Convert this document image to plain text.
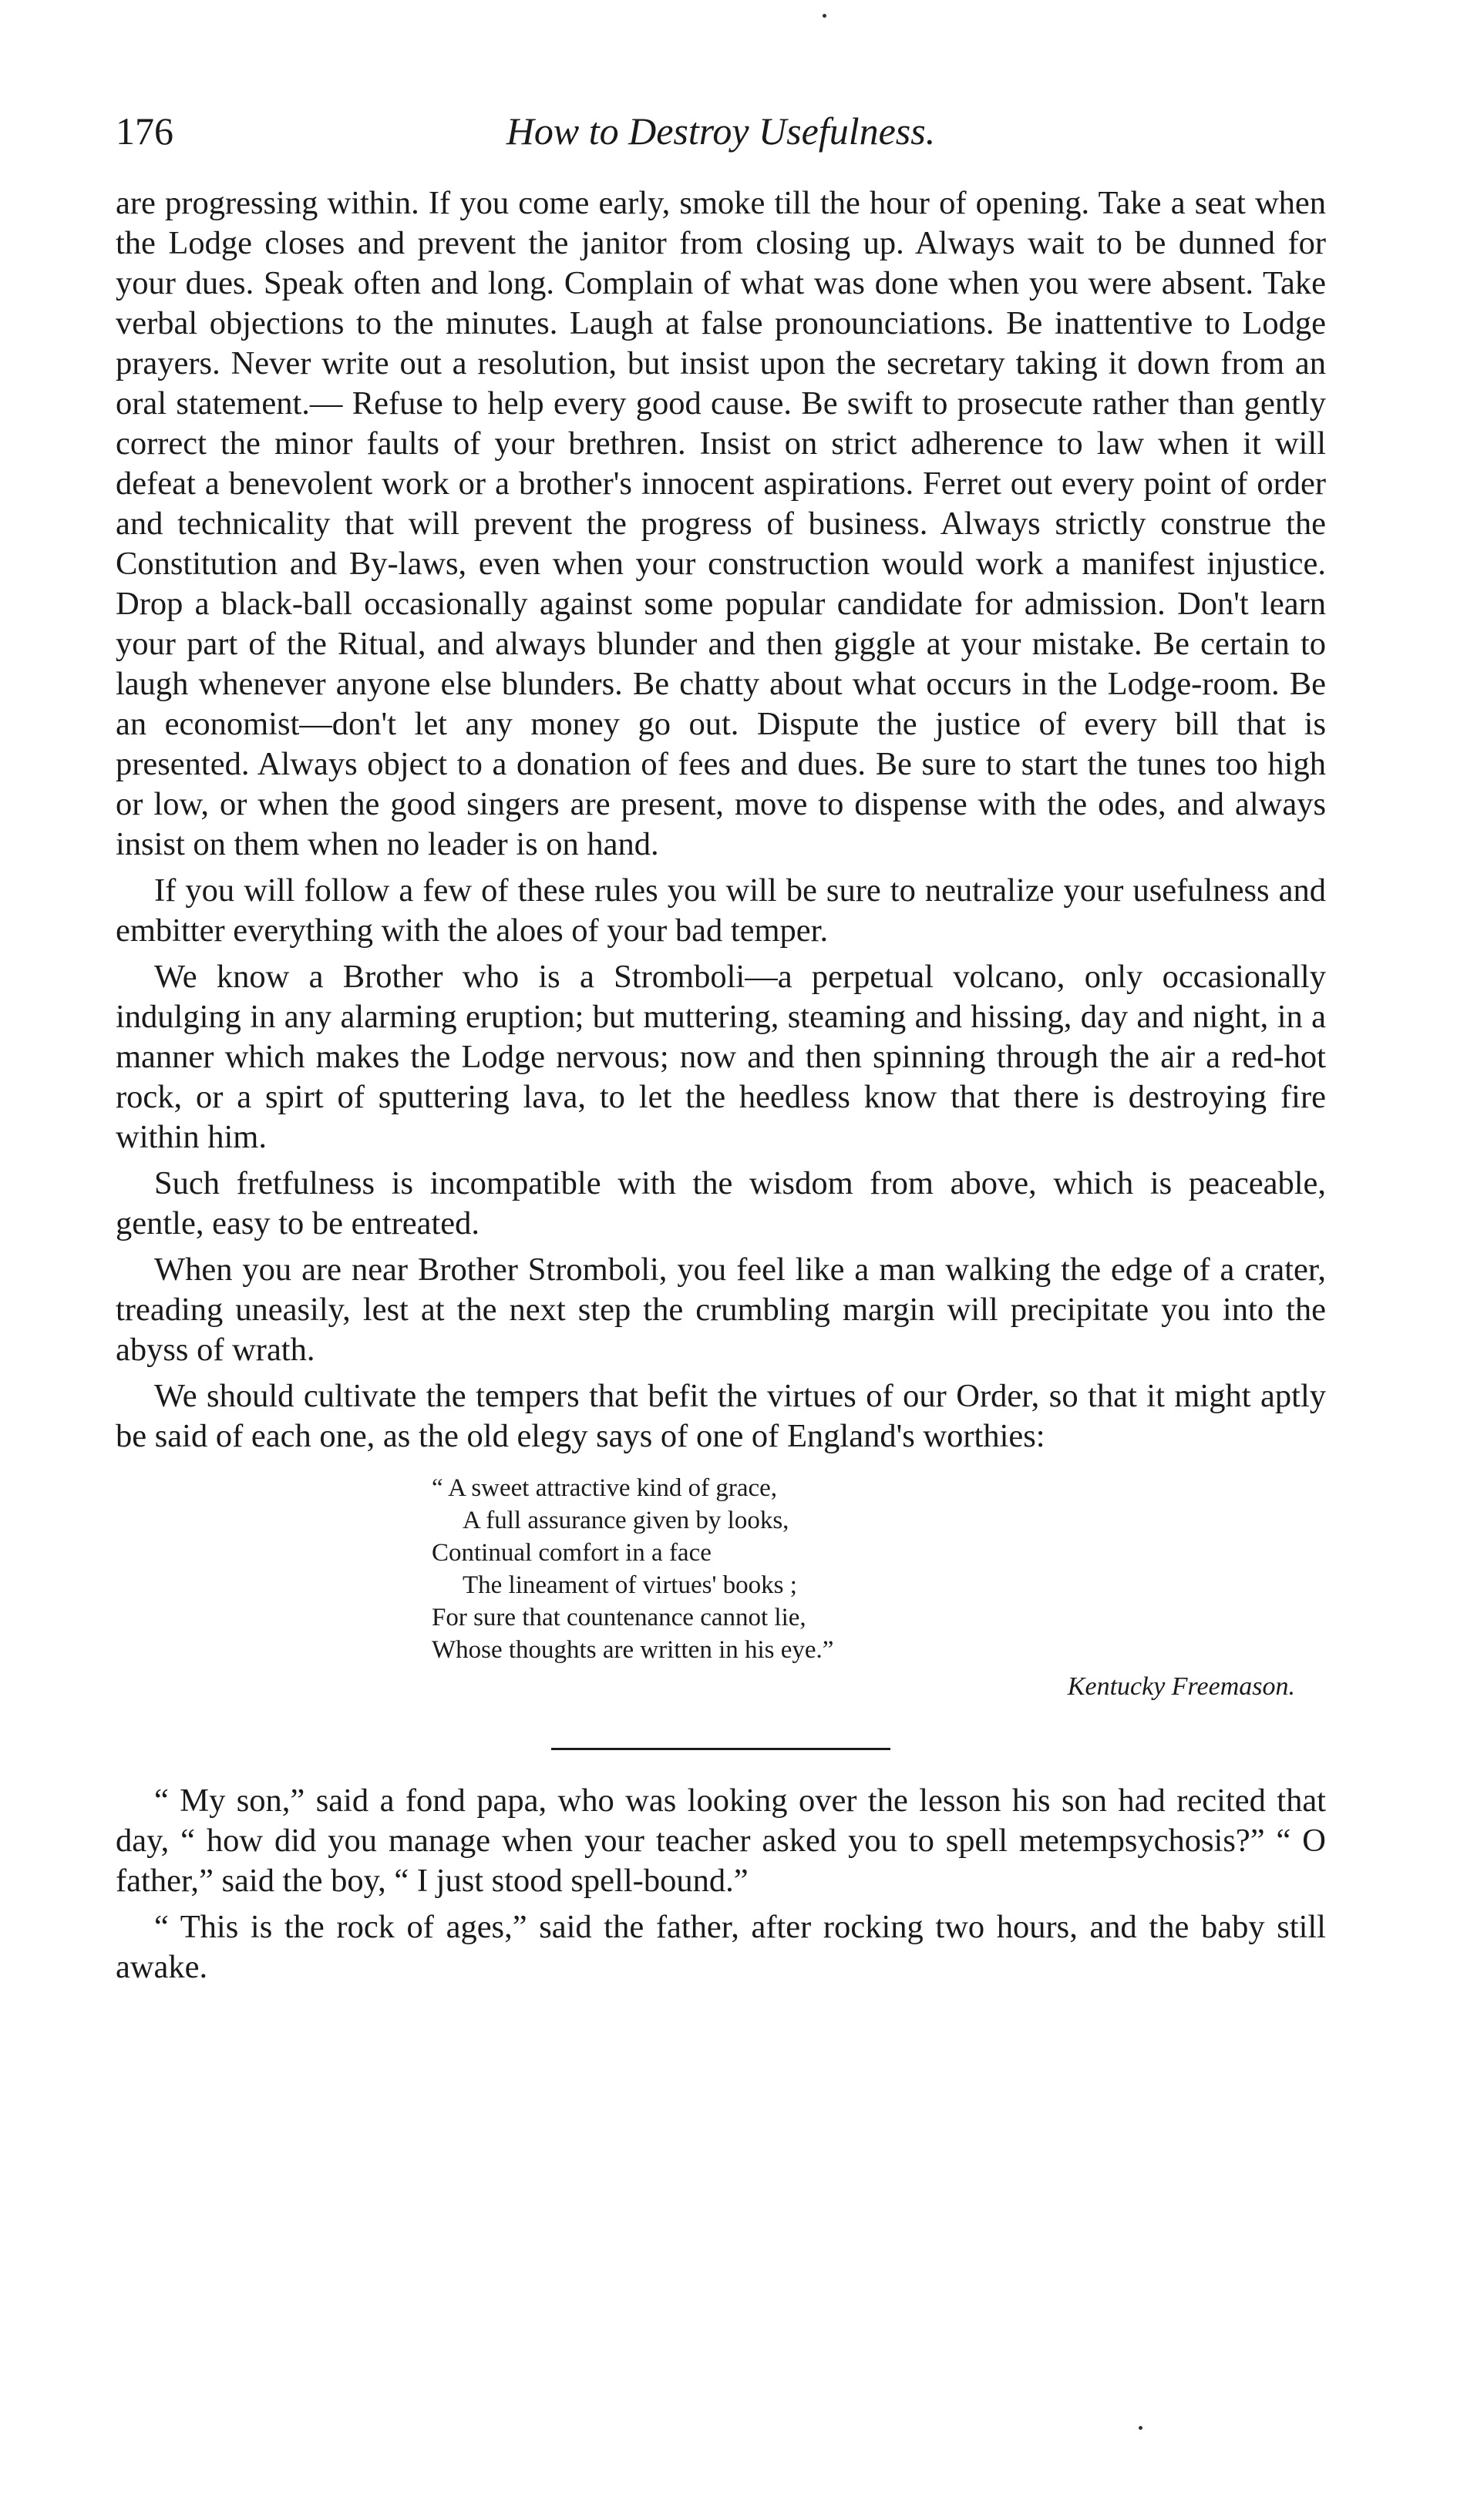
176	How to Destroy Usefulness.

are progressing within. If you come early, smoke till the hour of opening. Take a seat when the Lodge closes and prevent the janitor from closing up. Always wait to be dunned for your dues. Speak often and long. Complain of what was done when you were absent. Take verbal objections to the minutes. Laugh at false pronounciations. Be inattentive to Lodge prayers. Never write out a resolution, but insist upon the secretary taking it down from an oral statement.— Refuse to help every good cause. Be swift to prosecute rather than gently correct the minor faults of your brethren. Insist on strict adherence to law when it will defeat a benevolent work or a brother's innocent aspirations. Ferret out every point of order and technicality that will prevent the progress of business. Always strictly construe the Constitution and By-laws, even when your construction would work a manifest injustice. Drop a black-ball occasionally against some popular candidate for admission. Don't learn your part of the Ritual, and always blunder and then giggle at your mistake. Be certain to laugh whenever anyone else blunders. Be chatty about what occurs in the Lodge-room. Be an economist—don't let any money go out. Dispute the justice of every bill that is presented. Always object to a donation of fees and dues. Be sure to start the tunes too high or low, or when the good singers are present, move to dispense with the odes, and always insist on them when no leader is on hand.

If you will follow a few of these rules you will be sure to neutralize your usefulness and embitter everything with the aloes of your bad temper.

We know a Brother who is a Stromboli—a perpetual volcano, only occasionally indulging in any alarming eruption; but muttering, steaming and hissing, day and night, in a manner which makes the Lodge nervous; now and then spinning through the air a red-hot rock, or a spirt of sputtering lava, to let the heedless know that there is destroying fire within him.

Such fretfulness is incompatible with the wisdom from above, which is peaceable, gentle, easy to be entreated.

When you are near Brother Stromboli, you feel like a man walking the edge of a crater, treading uneasily, lest at the next step the crumbling margin will precipitate you into the abyss of wrath.

We should cultivate the tempers that befit the virtues of our Order, so that it might aptly be said of each one, as the old elegy says of one of England's worthies:

“ A sweet attractive kind of grace,
A full assurance given by looks,
Continual comfort in a face
The lineament of virtues' books ;
For sure that countenance cannot lie,
Whose thoughts are written in his eye.”

Kentucky Freemason.

“ My son,” said a fond papa, who was looking over the lesson his son had recited that day, “ how did you manage when your teacher asked you to spell metempsychosis?” “ O father,” said the boy, “ I just stood spell-bound.”

“ This is the rock of ages,” said the father, after rocking two hours, and the baby still awake.
